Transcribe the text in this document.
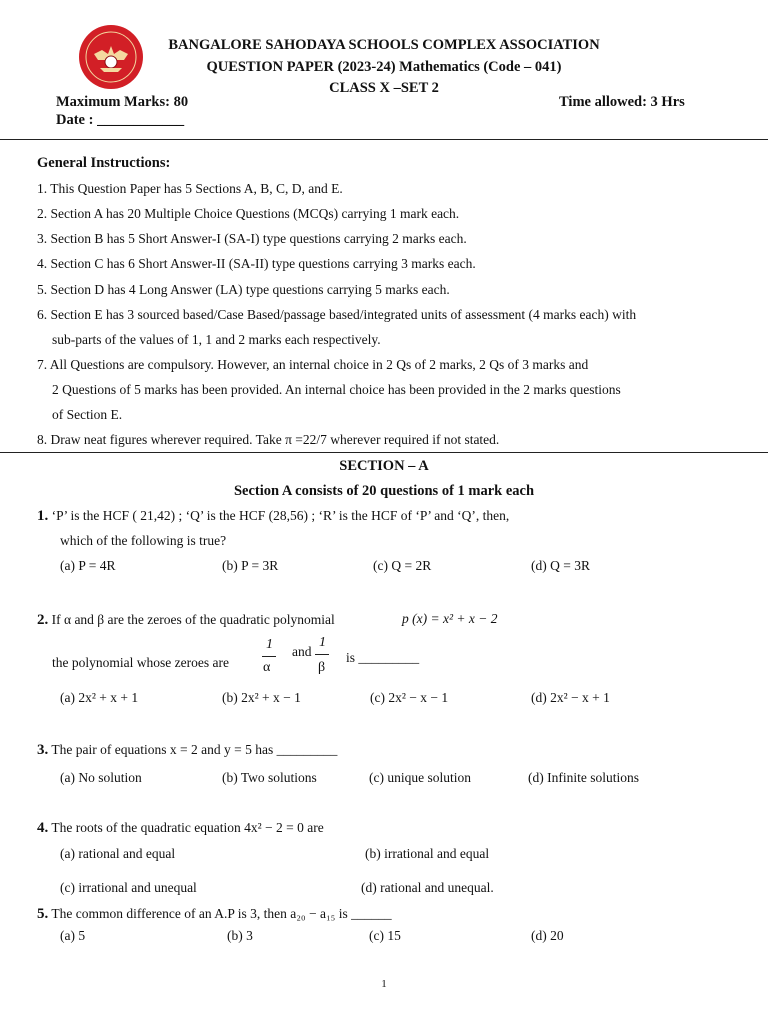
BANGALORE SAHODAYA SCHOOLS COMPLEX ASSOCIATION
QUESTION PAPER (2023-24) Mathematics (Code – 041)
CLASS X –SET 2
Maximum Marks: 80	Time allowed: 3 Hrs
Date : ____________
General Instructions:
1. This Question Paper has 5 Sections A, B, C, D, and E.
2. Section A has 20 Multiple Choice Questions (MCQs) carrying 1 mark each.
3. Section B has 5 Short Answer-I (SA-I) type questions carrying 2 marks each.
4. Section C has 6 Short Answer-II (SA-II) type questions carrying 3 marks each.
5. Section D has 4 Long Answer (LA) type questions carrying 5 marks each.
6. Section E has 3 sourced based/Case Based/passage based/integrated units of assessment (4 marks each) with
sub-parts of the values of 1, 1 and 2 marks each respectively.
7. All Questions are compulsory. However, an internal choice in 2 Qs of 2 marks, 2 Qs of 3 marks and
2 Questions of 5 marks has been provided. An internal choice has been provided in the 2 marks questions
of Section E.
8. Draw neat figures wherever required. Take π =22/7 wherever required if not stated.
SECTION – A
Section A consists of 20 questions of 1 mark each
1. ‘P’ is the HCF ( 21,42) ; ‘Q’ is the HCF (28,56) ; ‘R’ is the HCF of ‘P’ and ‘Q’, then,
which of the following is true?
(a) P = 4R	(b) P = 3R	(c) Q = 2R	(d) Q = 3R
2. If α and β are the zeroes of the quadratic polynomial	p (x) = x² + x − 2
the polynomial whose zeroes are
1
α
and
1
β
is _________
(a) 2x² + x + 1	(b) 2x² + x − 1	(c) 2x² − x − 1	(d) 2x² − x + 1
3. The pair of equations x = 2 and y = 5 has _________
(a) No solution	(b) Two solutions	(c) unique solution	(d) Infinite solutions
4. The roots of the quadratic equation 4x² − 2 = 0 are
(a) rational and equal	(b) irrational and equal
(c) irrational and unequal	(d) rational and unequal.
5. The common difference of an A.P is 3, then a₂₀ − a₁₅ is ______
(a) 5	(b) 3	(c) 15	(d) 20
1
